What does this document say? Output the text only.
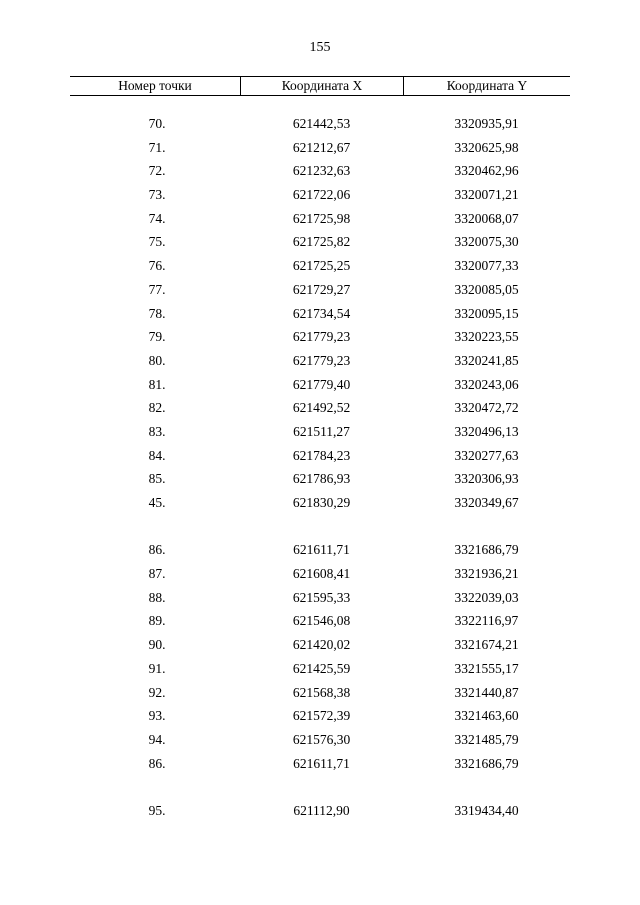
155
Номер точки	Координата X	Координата Y
70.	621442,53	3320935,91
71.	621212,67	3320625,98
72.	621232,63	3320462,96
73.	621722,06	3320071,21
74.	621725,98	3320068,07
75.	621725,82	3320075,30
76.	621725,25	3320077,33
77.	621729,27	3320085,05
78.	621734,54	3320095,15
79.	621779,23	3320223,55
80.	621779,23	3320241,85
81.	621779,40	3320243,06
82.	621492,52	3320472,72
83.	621511,27	3320496,13
84.	621784,23	3320277,63
85.	621786,93	3320306,93
45.	621830,29	3320349,67
86.	621611,71	3321686,79
87.	621608,41	3321936,21
88.	621595,33	3322039,03
89.	621546,08	3322116,97
90.	621420,02	3321674,21
91.	621425,59	3321555,17
92.	621568,38	3321440,87
93.	621572,39	3321463,60
94.	621576,30	3321485,79
86.	621611,71	3321686,79
95.	621112,90	3319434,40
